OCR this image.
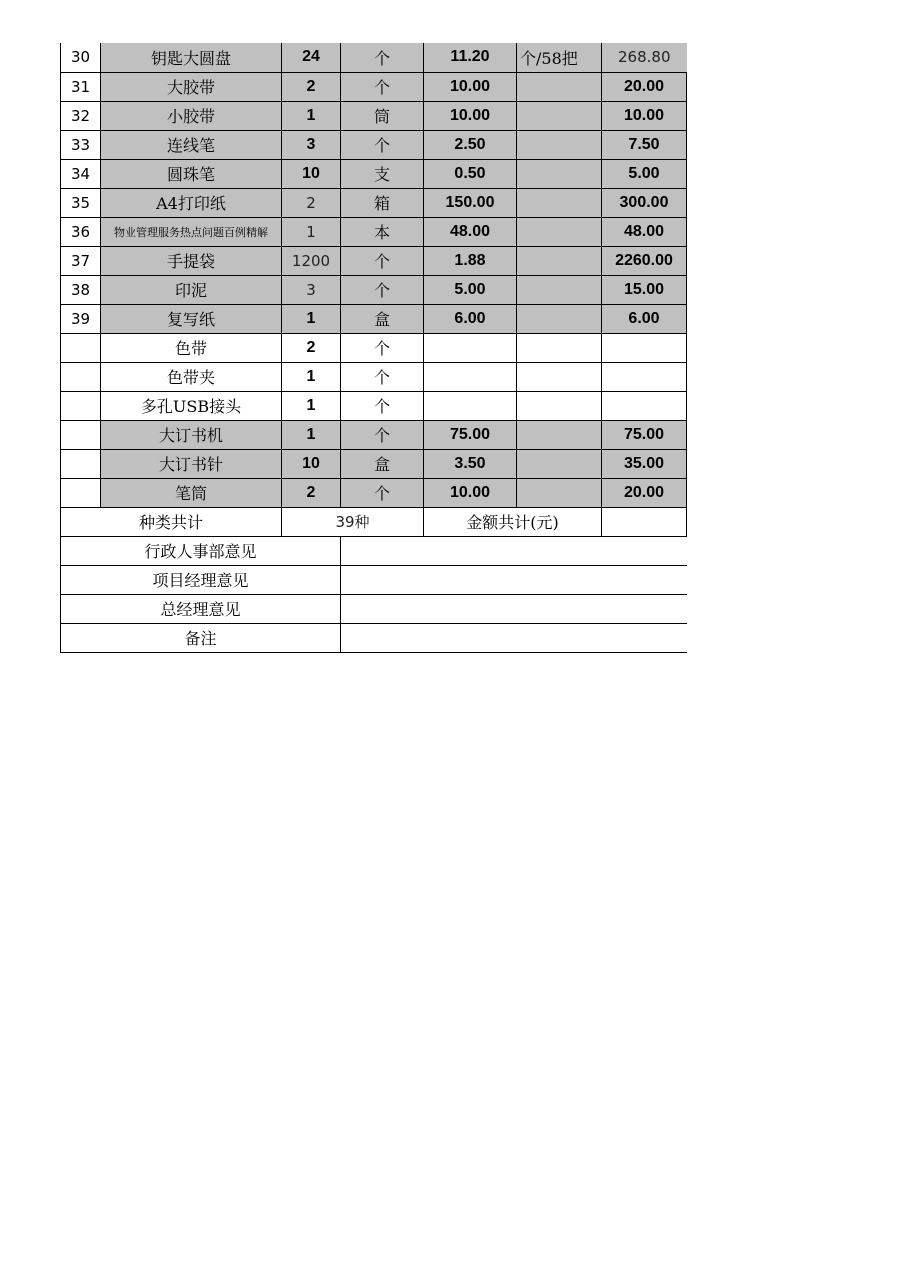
30	钥匙大圆盘	24	个	11.20	个/58把	268.80
31	大胶带	2	个	10.00		20.00
32	小胶带	1	筒	10.00		10.00
33	连线笔	3	个	2.50		7.50
34	圆珠笔	10	支	0.50		5.00
35	A4打印纸	2	箱	150.00		300.00
36	物业管理服务热点问题百例精解	1	本	48.00		48.00
37	手提袋	1200	个	1.88		2260.00
38	印泥	3	个	5.00		15.00
39	复写纸	1	盒	6.00		6.00
	色带	2	个			
	色带夹	1	个			
	多孔USB接头	1	个			
	大订书机	1	个	75.00		75.00
	大订书针	10	盒	3.50		35.00
	笔筒	2	个	10.00		20.00
种类共计		39种		金额共计(元)		
行政人事部意见						
项目经理意见						
总经理意见						
备注						
